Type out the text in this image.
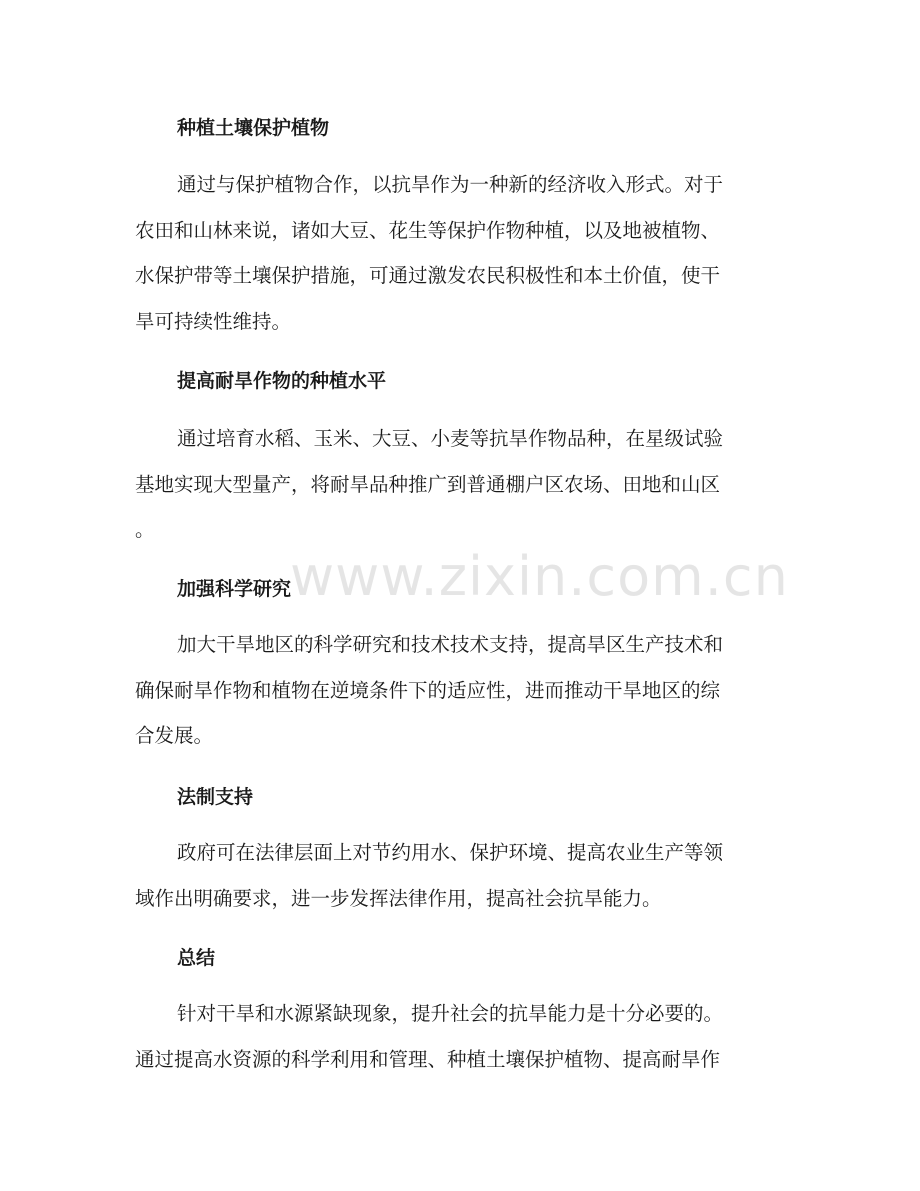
种植土壤保护植物
通过与保护植物合作，以抗旱作为一种新的经济收入形式。对于
农田和山林来说，诸如大豆、花生等保护作物种植，以及地被植物、
水保护带等土壤保护措施，可通过激发农民积极性和本土价值，使干
旱可持续性维持。
提高耐旱作物的种植水平
通过培育水稻、玉米、大豆、小麦等抗旱作物品种，在星级试验
基地实现大型量产，将耐旱品种推广到普通棚户区农场、田地和山区
。
加强科学研究
加大干旱地区的科学研究和技术技术支持，提高旱区生产技术和
确保耐旱作物和植物在逆境条件下的适应性，进而推动干旱地区的综
合发展。
法制支持
政府可在法律层面上对节约用水、保护环境、提高农业生产等领
域作出明确要求，进一步发挥法律作用，提高社会抗旱能力。
总结
针对干旱和水源紧缺现象，提升社会的抗旱能力是十分必要的。
通过提高水资源的科学利用和管理、种植土壤保护植物、提高耐旱作
www.zixin.com.cn
